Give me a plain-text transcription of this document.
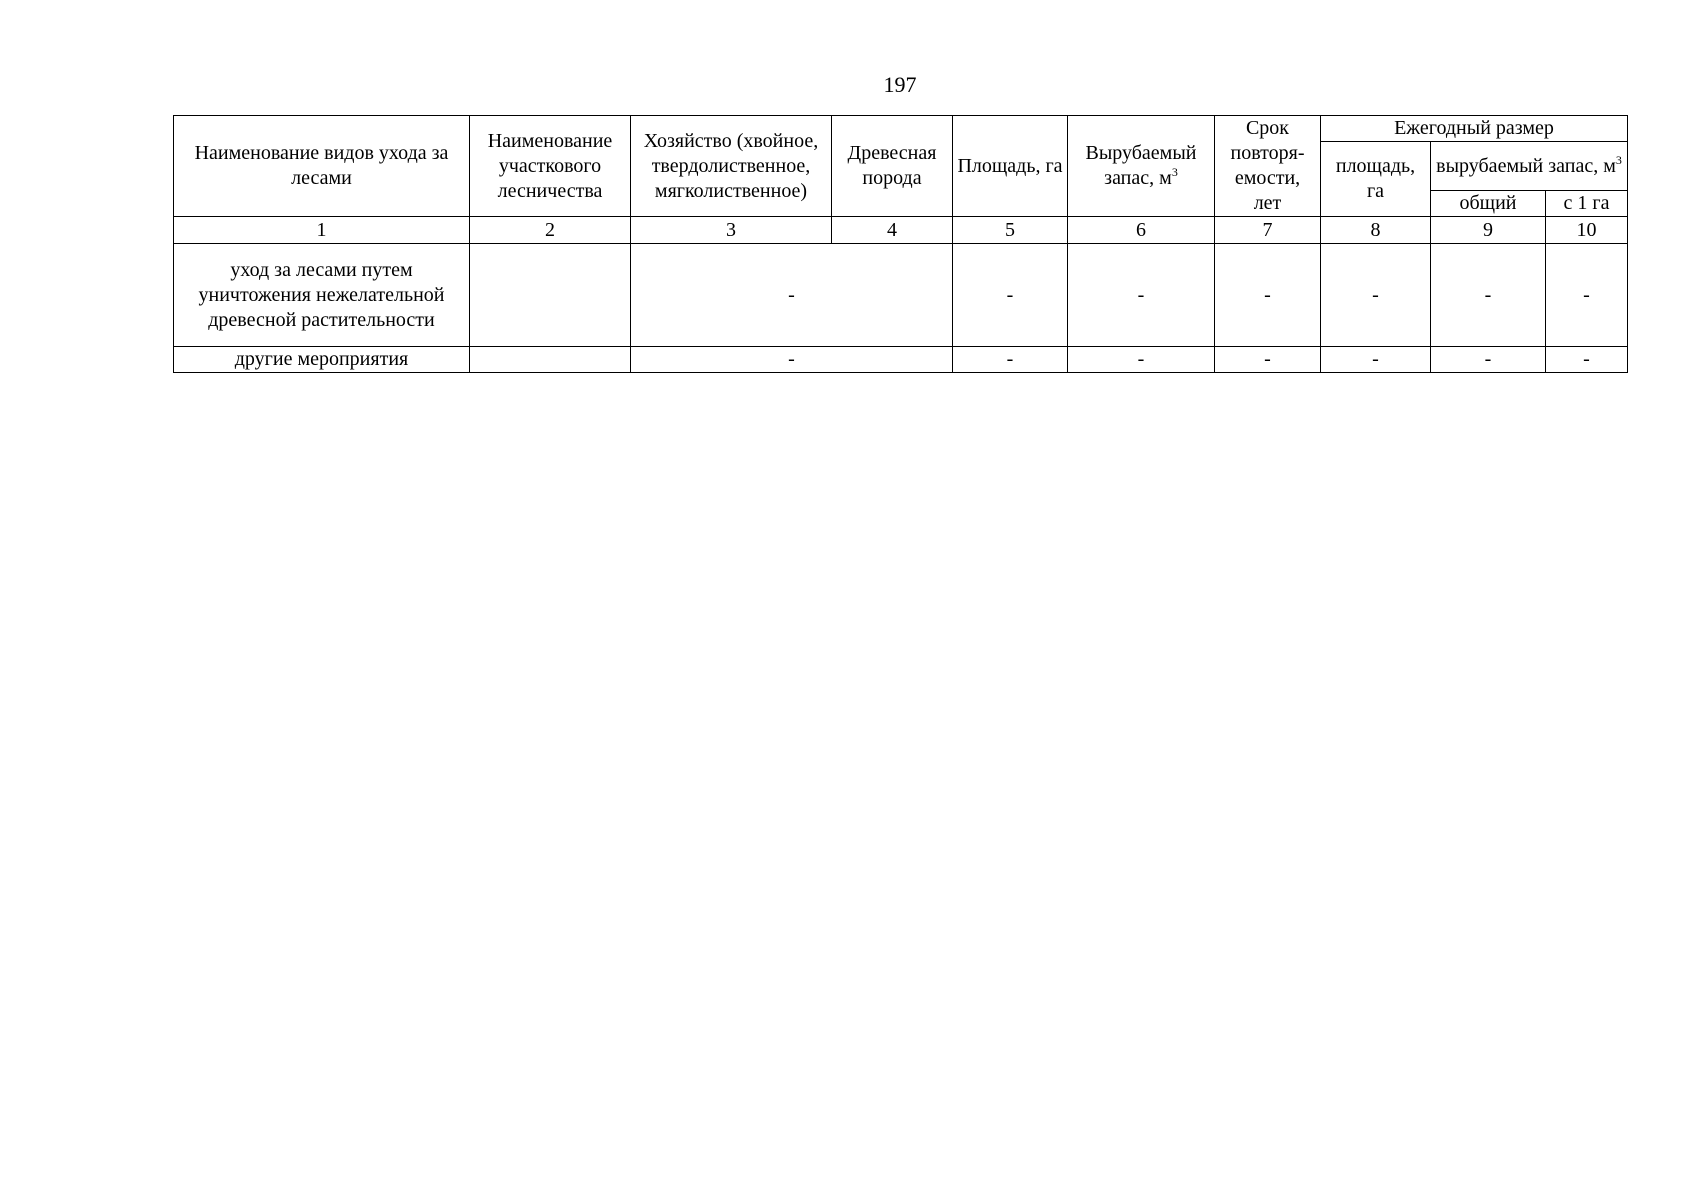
197
Наименование видов ухода за лесами	Наименование участкового лесничества	Хозяйство (хвойное, твердолиственное, мягколиственное)	Древесная порода	Площадь, га	Вырубаемый запас, $м^3$	Срок повторя-емости, лет	Ежегодный размер		
							площадь, га	вырубаемый запас, $м^3$
								общий	с 1 га
1	2	3	4	5	6	7	8	9	10
уход за лесами путем уничтожения нежелательной древесной растительности		-		-	-	-	-	-	-
другие мероприятия		-		-	-	-	-	-	-
